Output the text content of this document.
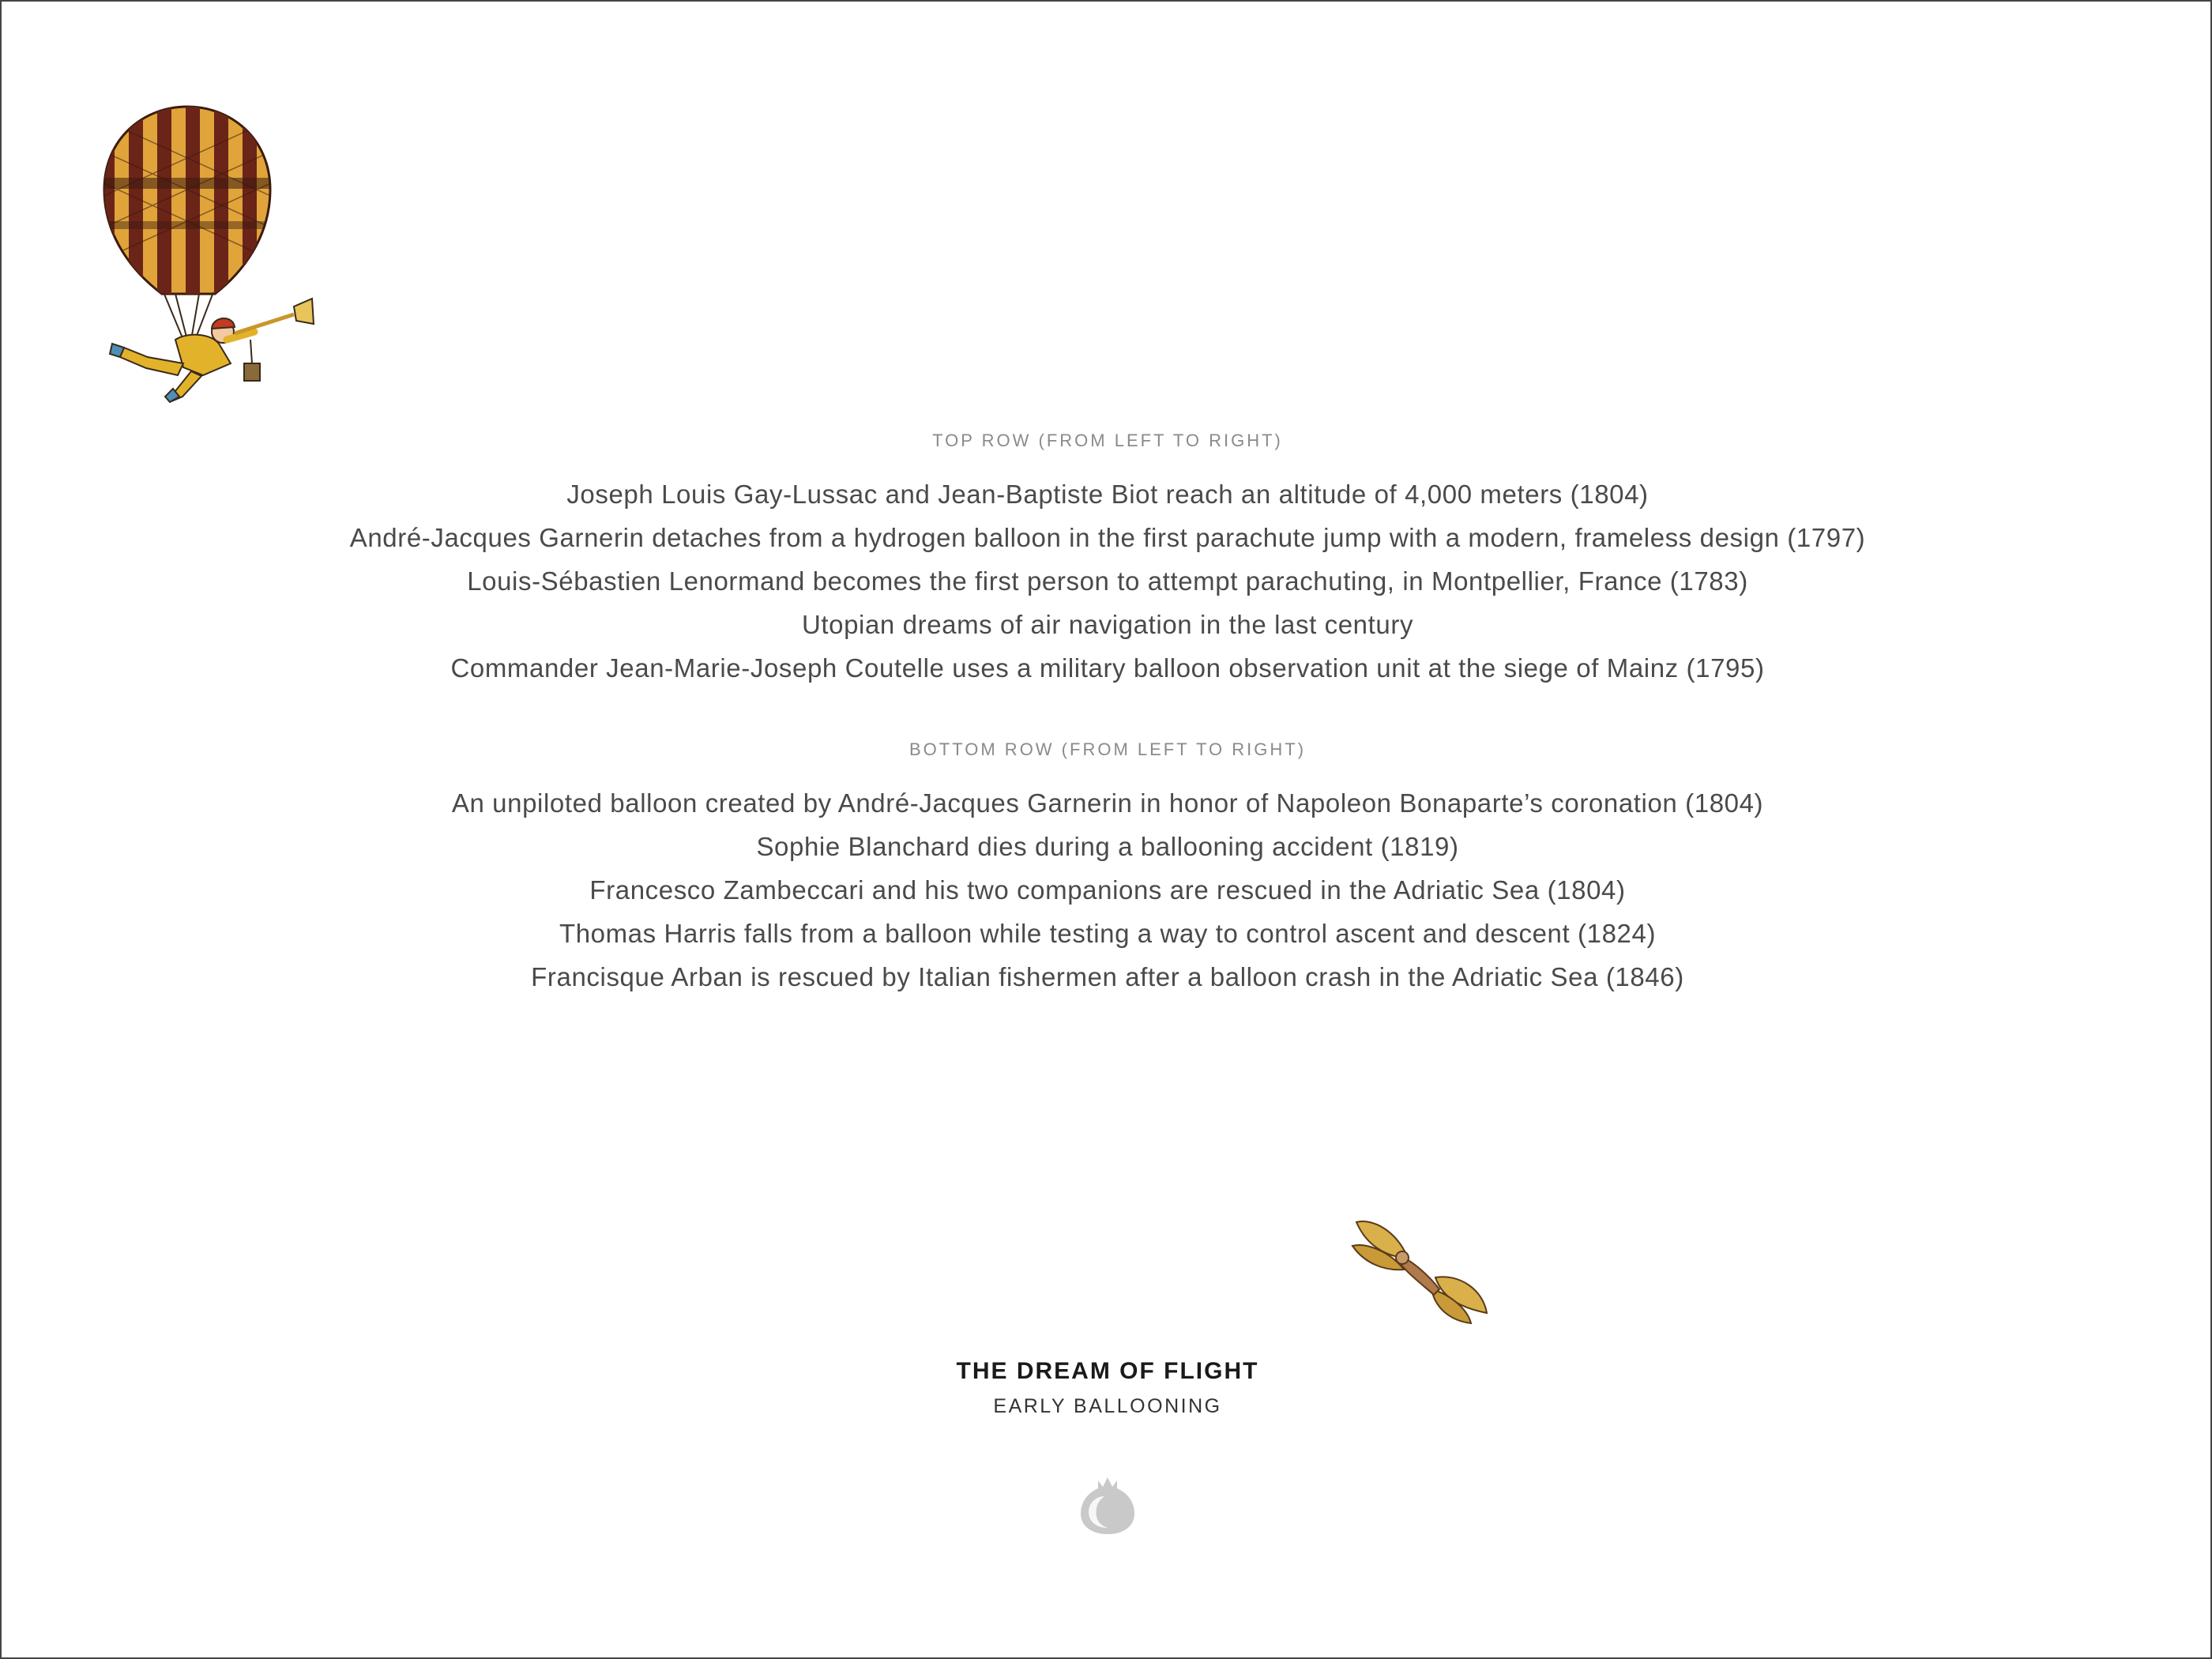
TOP ROW (FROM LEFT TO RIGHT)
Joseph Louis Gay-Lussac and Jean-Baptiste Biot reach an altitude of 4,000 meters (1804)
André-Jacques Garnerin detaches from a hydrogen balloon in the first parachute jump with a modern, frameless design (1797)
Louis-Sébastien Lenormand becomes the first person to attempt parachuting, in Montpellier, France (1783)
Utopian dreams of air navigation in the last century
Commander Jean-Marie-Joseph Coutelle uses a military balloon observation unit at the siege of Mainz (1795)
BOTTOM ROW (FROM LEFT TO RIGHT)
An unpiloted balloon created by André-Jacques Garnerin in honor of Napoleon Bonaparte’s coronation (1804)
Sophie Blanchard dies during a ballooning accident (1819)
Francesco Zambeccari and his two companions are rescued in the Adriatic Sea (1804)
Thomas Harris falls from a balloon while testing a way to control ascent and descent (1824)
Francisque Arban is rescued by Italian fishermen after a balloon crash in the Adriatic Sea (1846)
THE DREAM OF FLIGHT
EARLY BALLOONING
